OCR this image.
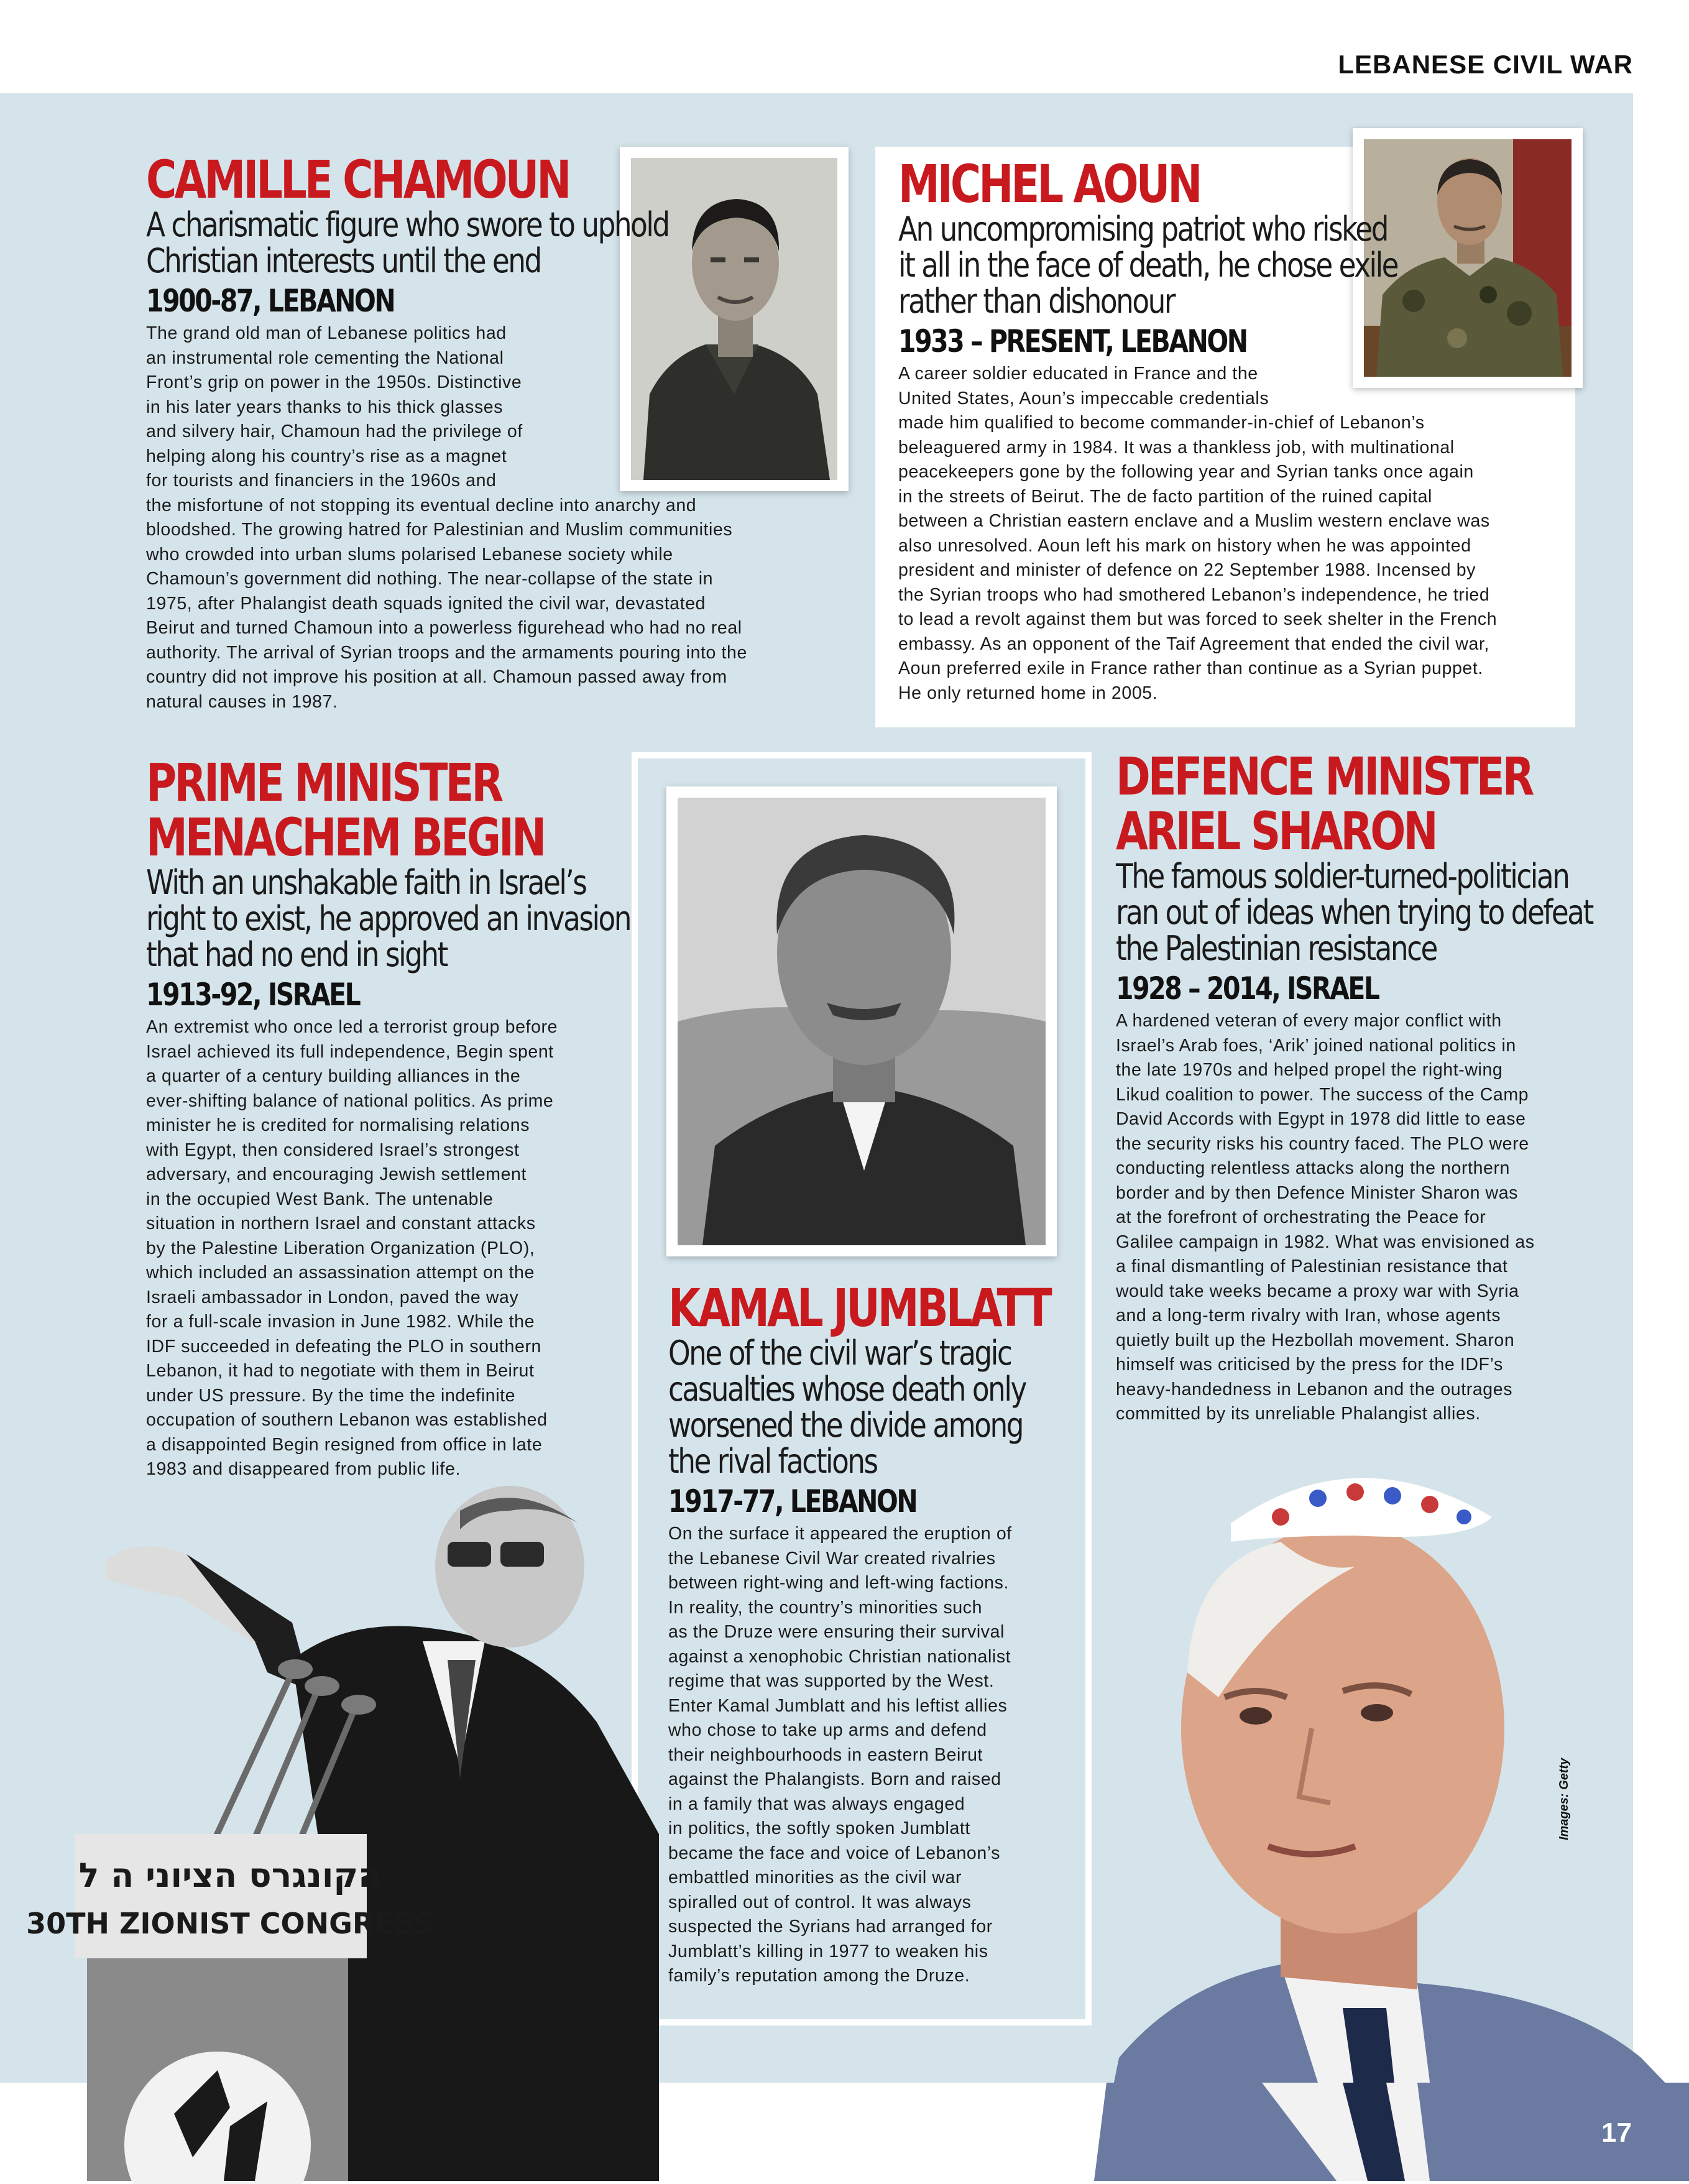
LEBANESE CIVIL WAR
CAMILLE CHAMOUN
A charismatic figure who swore to uphold
Christian interests until the end
1900-87, LEBANON
The grand old man of Lebanese politics had
an instrumental role cementing the National
Front’s grip on power in the 1950s. Distinctive
in his later years thanks to his thick glasses
and silvery hair, Chamoun had the privilege of
helping along his country’s rise as a magnet
for tourists and financiers in the 1960s and
the misfortune of not stopping its eventual decline into anarchy and
bloodshed. The growing hatred for Palestinian and Muslim communities
who crowded into urban slums polarised Lebanese society while
Chamoun’s government did nothing. The near-collapse of the state in
1975, after Phalangist death squads ignited the civil war, devastated
Beirut and turned Chamoun into a powerless figurehead who had no real
authority. The arrival of Syrian troops and the armaments pouring into the
country did not improve his position at all. Chamoun passed away from
natural causes in 1987.
MICHEL AOUN
An uncompromising patriot who risked
it all in the face of death, he chose exile
rather than dishonour
1933 – PRESENT, LEBANON
A career soldier educated in France and the
United States, Aoun’s impeccable credentials
made him qualified to become commander-in-chief of Lebanon’s
beleaguered army in 1984. It was a thankless job, with multinational
peacekeepers gone by the following year and Syrian tanks once again
in the streets of Beirut. The de facto partition of the ruined capital
between a Christian eastern enclave and a Muslim western enclave was
also unresolved. Aoun left his mark on history when he was appointed
president and minister of defence on 22 September 1988. Incensed by
the Syrian troops who had smothered Lebanon’s independence, he tried
to lead a revolt against them but was forced to seek shelter in the French
embassy. As an opponent of the Taif Agreement that ended the civil war,
Aoun preferred exile in France rather than continue as a Syrian puppet.
He only returned home in 2005.
PRIME MINISTER
MENACHEM BEGIN
With an unshakable faith in Israel’s
right to exist, he approved an invasion
that had no end in sight
1913-92, ISRAEL
An extremist who once led a terrorist group before
Israel achieved its full independence, Begin spent
a quarter of a century building alliances in the
ever-shifting balance of national politics. As prime
minister he is credited for normalising relations
with Egypt, then considered Israel’s strongest
adversary, and encouraging Jewish settlement
in the occupied West Bank. The untenable
situation in northern Israel and constant attacks
by the Palestine Liberation Organization (PLO),
which included an assassination attempt on the
Israeli ambassador in London, paved the way
for a full-scale invasion in June 1982. While the
IDF succeeded in defeating the PLO in southern
Lebanon, it had to negotiate with them in Beirut
under US pressure. By the time the indefinite
occupation of southern Lebanon was established
a disappointed Begin resigned from office in late
1983 and disappeared from public life.
הקונגרס הציוני ה ל
30TH ZIONIST CONGRESS
KAMAL JUMBLATT
One of the civil war’s tragic
casualties whose death only
worsened the divide among
the rival factions
1917-77, LEBANON
On the surface it appeared the eruption of
the Lebanese Civil War created rivalries
between right-wing and left-wing factions.
In reality, the country’s minorities such
as the Druze were ensuring their survival
against a xenophobic Christian nationalist
regime that was supported by the West.
Enter Kamal Jumblatt and his leftist allies
who chose to take up arms and defend
their neighbourhoods in eastern Beirut
against the Phalangists. Born and raised
in a family that was always engaged
in politics, the softly spoken Jumblatt
became the face and voice of Lebanon’s
embattled minorities as the civil war
spiralled out of control. It was always
suspected the Syrians had arranged for
Jumblatt’s killing in 1977 to weaken his
family’s reputation among the Druze.
DEFENCE MINISTER
ARIEL SHARON
The famous soldier-turned-politician
ran out of ideas when trying to defeat
the Palestinian resistance
1928 – 2014, ISRAEL
A hardened veteran of every major conflict with
Israel’s Arab foes, ‘Arik’ joined national politics in
the late 1970s and helped propel the right-wing
Likud coalition to power. The success of the Camp
David Accords with Egypt in 1978 did little to ease
the security risks his country faced. The PLO were
conducting relentless attacks along the northern
border and by then Defence Minister Sharon was
at the forefront of orchestrating the Peace for
Galilee campaign in 1982. What was envisioned as
a final dismantling of Palestinian resistance that
would take weeks became a proxy war with Syria
and a long-term rivalry with Iran, whose agents
quietly built up the Hezbollah movement. Sharon
himself was criticised by the press for the IDF’s
heavy-handedness in Lebanon and the outrages
committed by its unreliable Phalangist allies.
Images: Getty
17
